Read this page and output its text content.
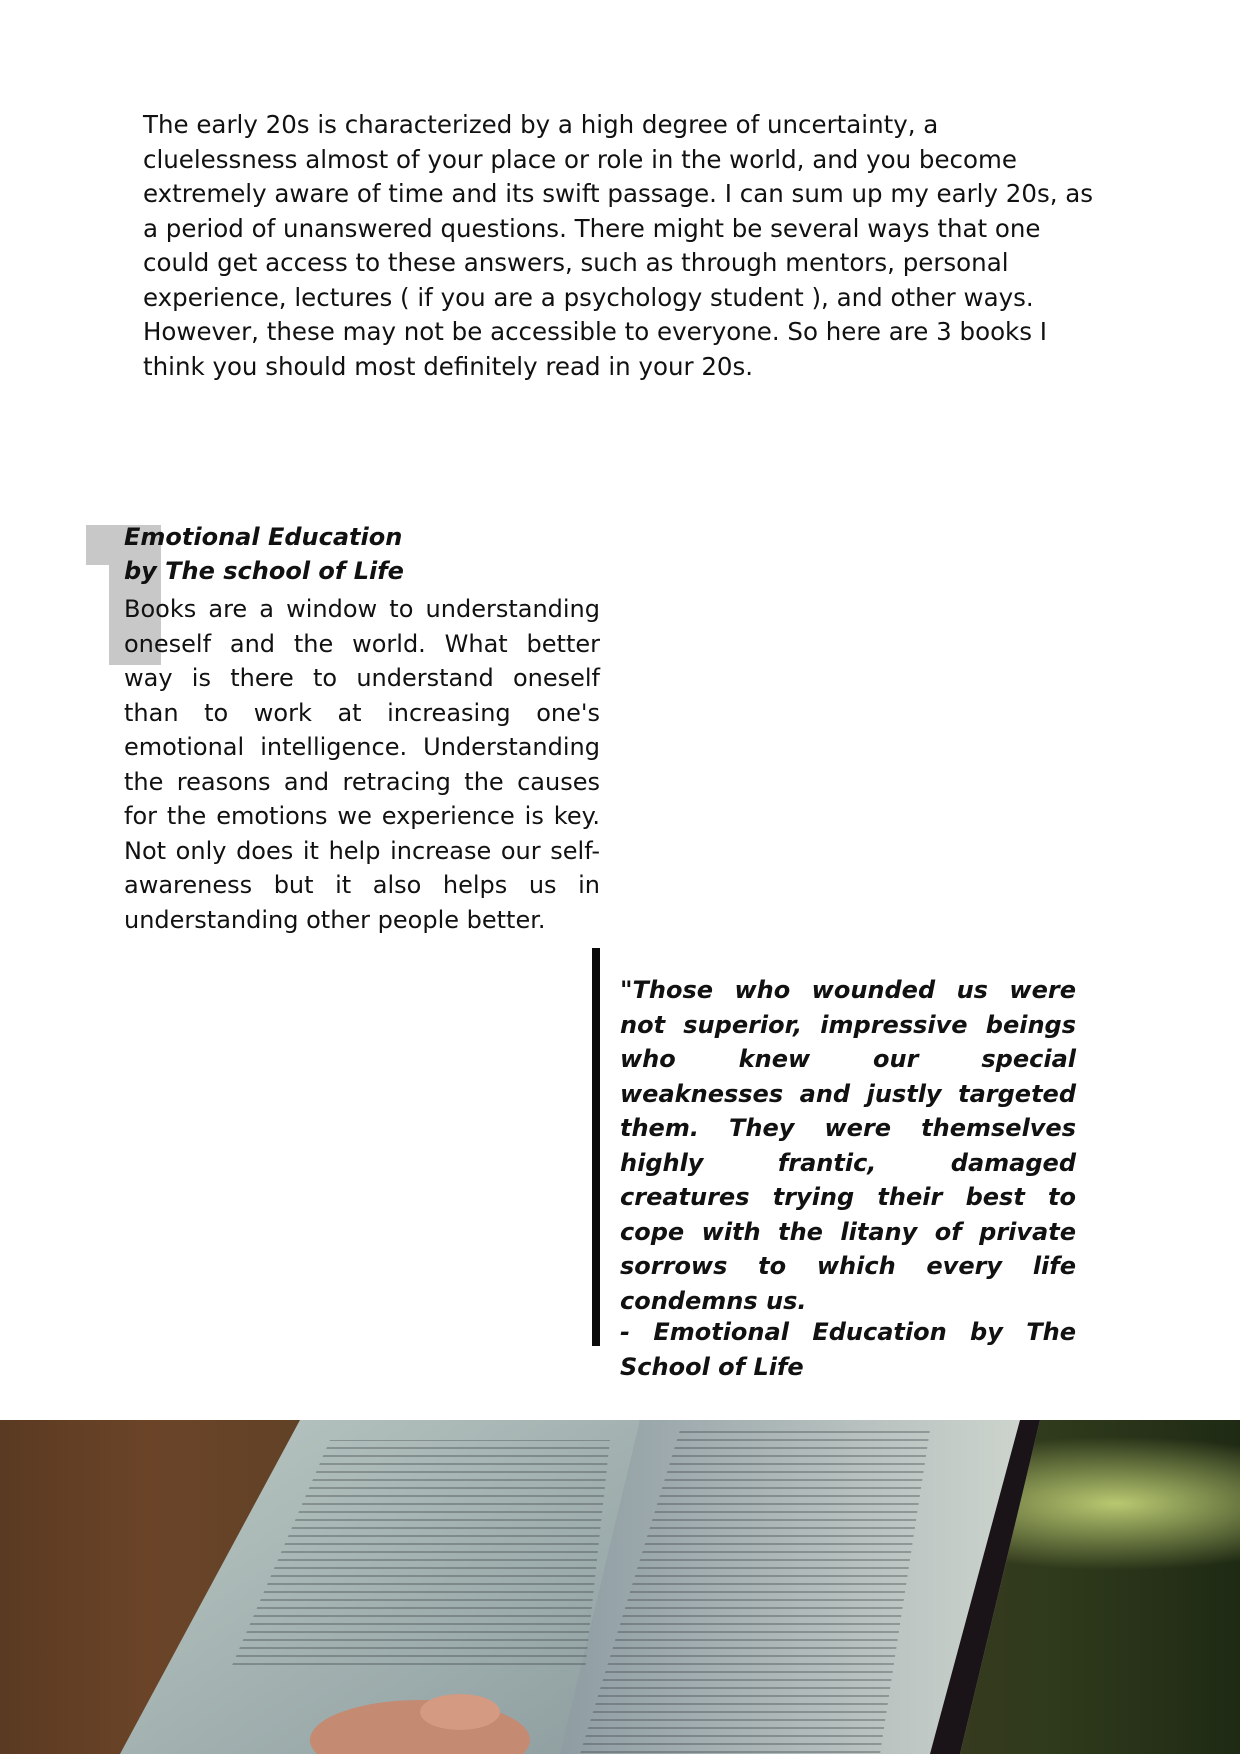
The early 20s is characterized by a high degree of uncertainty, a cluelessness almost of your place or role in the world, and you become extremely aware of time and its swift passage. I can sum up my early 20s, as a period of unanswered questions. There might be several ways that one could get access to these answers, such as through mentors, personal experience, lectures ( if you are a psychology student ), and other ways. However, these may not be accessible to everyone. So here are 3 books I think you should most definitely read in your 20s.

Emotional Education
by The school of Life

Books are a window to understanding oneself and the world. What better way is there to understand oneself than to work at increasing one's emotional intelligence. Understanding the reasons and retracing the causes for the emotions we experience is key. Not only does it help increase our self-awareness but it also helps us in understanding other people better.

"Those who wounded us were not superior, impressive beings who knew our special weaknesses and justly targeted them. They were themselves highly frantic, damaged creatures trying their best to cope with the litany of private sorrows to which every life condemns us.

- Emotional Education by The School of Life
